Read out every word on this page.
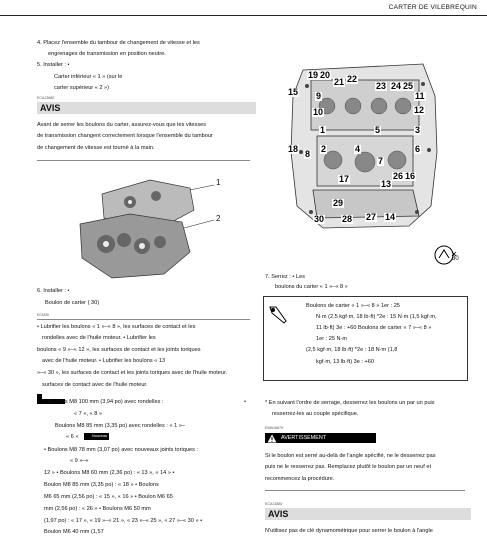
CARTER DE VILEBREQUIN
4. Placez l'ensemble du tambour de changement de vitesse et les
engrenages de transmission en position neutre.
5. Installer : •
Carter inférieur « 1 » (sur le
carter supérieur « 2 »)
ECA13880
AVIS
Avant de serrer les boulons du carter, assurez-vous que les vitesses
de transmission changent correctement lorsque l'ensemble du tambour
de changement de vitesse est tourné à la main.
1
2
6. Installer : •
Boulon de carter ( 30)
ECM30
• Lubrifier les boulons « 1 »–« 8 », les surfaces de contact et les
rondelles avec de l'huile moteur. • Lubrifier les
boulons « 9 »–« 12 », les surfaces de contact et les joints toriques
avec de l'huile moteur. • Lubrifier les boulons « 13
»–« 30 », les surfaces de contact et les joints toriques avec de l'huile moteur.
surfaces de contact avec de l'huile moteur.
• Boulons M8 100 mm (3,94 po) avec rondelles :	•
« 7 », « 8 »
Boulons M8 85 mm (3,35 po) avec rondelles : « 1 »–
« 6 »	Nouveau
• Boulons M8 78 mm (3,07 po) avec nouveaux joints toriques :
« 9 »–«
12 » • Boulons M8 60 mm (2,36 po) : « 13 », « 14 » •
Boulon M8 85 mm (3,35 po) : « 18 » • Boulons
M6 65 mm (2,56 po) : « 15 », « 16 » • Boulon M6 65
mm (2,56 po) : « 26 » • Boulons M6 50 mm
(1,97 po) : « 17 », « 19 »–« 21 », « 23 »–« 25 », « 27 »–« 30 » •
Boulon M6 40 mm (1,57
19 20
21 22
23 24 25
15 9	11
10	12
1	5	3
18	2	4	6
8
7
17	26 16
13
29
30 28 27 14
30
7. Serrez : • Les
boulons du carter « 1 »–« 8 »
Boulons de carter « 1 »–« 8 » 1er : 25
N·m (2,5 kgf·m, 18 lb·ft) *2e : 15 N·m (1,5 kgf·m,
11 lb·ft) 3e : +60 Boulons de carter « 7 »–« 8 »
1er : 25 N·m
(2,5 kgf·m, 18 lb·ft) *2e : 18 N·m (1,8
kgf·m, 13 lb·ft) 3e : +60
* En suivant l'ordre de serrage, desserrez les boulons un par un puis
resserrez-les au couple spécifique.
EWA16670
AVERTISSEMENT
Si le boulon est serré au-delà de l'angle spécifié, ne le desserrez pas
puis ne le resserrez pas. Remplacez plutôt le boulon par un neuf et
recommencez la procédure.
ECA13880
AVIS
N'utilisez pas de clé dynamométrique pour serrer le boulon à l'angle
